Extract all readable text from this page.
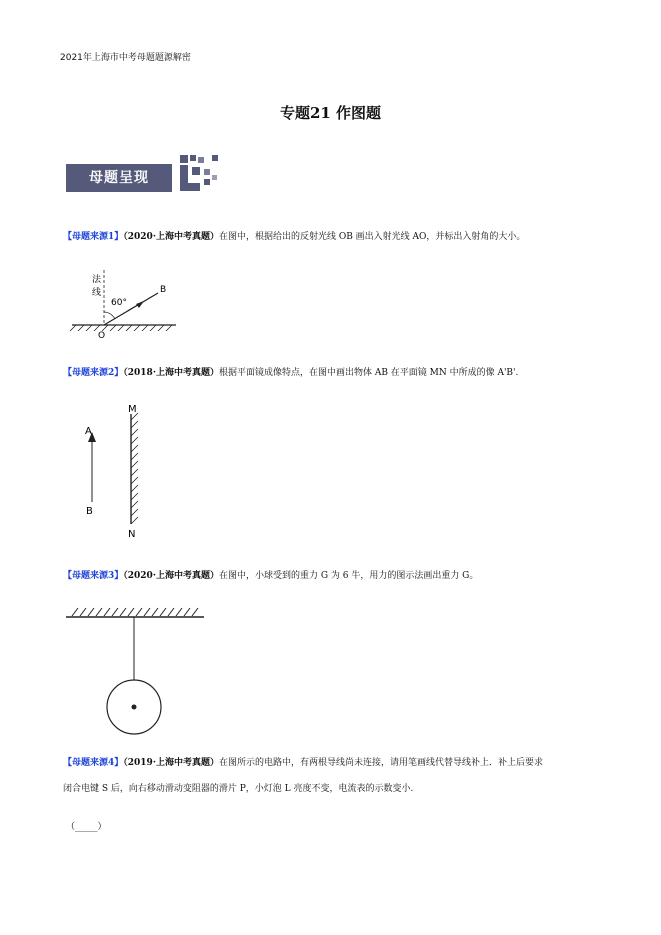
2021年上海市中考母题题源解密
专题21 作图题
母题呈现
【母题来源1】（2020·上海中考真题）在图中，根据给出的反射光线 OB 画出入射光线 AO，并标出入射角的大小。
法
线
60°
B
O
【母题来源2】（2018·上海中考真题）根据平面镜成像特点，在图中画出物体 AB 在平面镜 MN 中所成的像 A'B'.
A
B
M
N
【母题来源3】（2020·上海中考真题）在图中，小球受到的重力 G 为 6 牛，用力的图示法画出重力 G。
【母题来源4】（2019·上海中考真题）在图所示的电路中，有两根导线尚未连接，请用笔画线代替导线补上．补上后要求
闭合电键 S 后，向右移动滑动变阻器的滑片 P，小灯泡 L 亮度不变，电流表的示数变小.
（_____）
